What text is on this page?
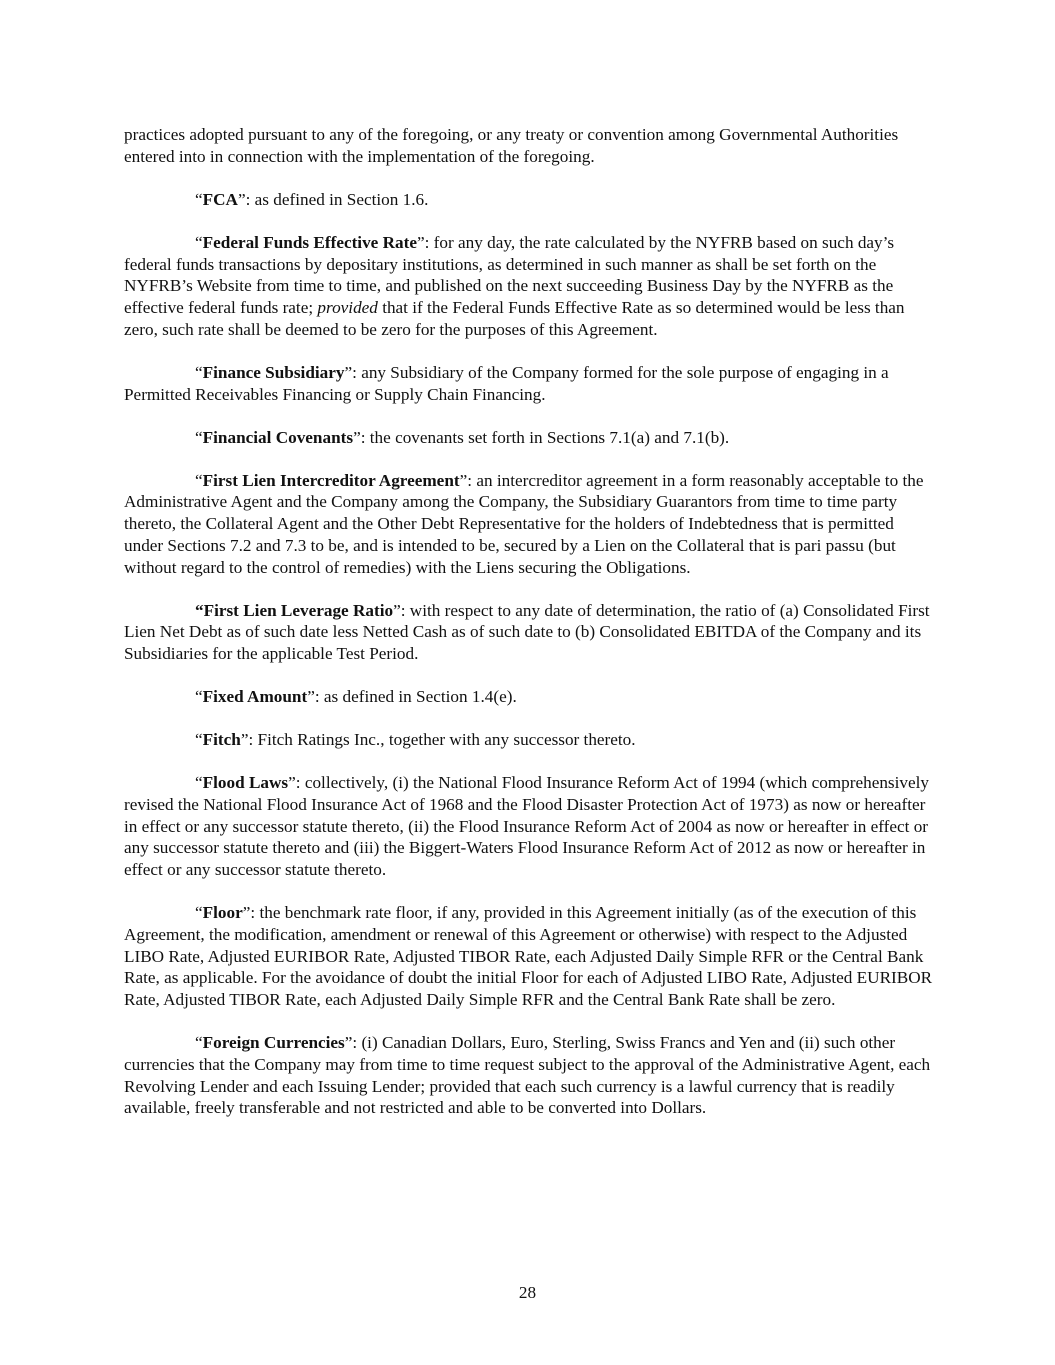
practices adopted pursuant to any of the foregoing, or any treaty or convention among Governmental Authorities entered into in connection with the implementation of the foregoing.

“FCA”: as defined in Section 1.6.

“Federal Funds Effective Rate”: for any day, the rate calculated by the NYFRB based on such day’s federal funds transactions by depositary institutions, as determined in such manner as shall be set forth on the NYFRB’s Website from time to time, and published on the next succeeding Business Day by the NYFRB as the effective federal funds rate; provided that if the Federal Funds Effective Rate as so determined would be less than zero, such rate shall be deemed to be zero for the purposes of this Agreement.

“Finance Subsidiary”: any Subsidiary of the Company formed for the sole purpose of engaging in a Permitted Receivables Financing or Supply Chain Financing.

“Financial Covenants”: the covenants set forth in Sections 7.1(a) and 7.1(b).

“First Lien Intercreditor Agreement”: an intercreditor agreement in a form reasonably acceptable to the Administrative Agent and the Company among the Company, the Subsidiary Guarantors from time to time party thereto, the Collateral Agent and the Other Debt Representative for the holders of Indebtedness that is permitted under Sections 7.2 and 7.3 to be, and is intended to be, secured by a Lien on the Collateral that is pari passu (but without regard to the control of remedies) with the Liens securing the Obligations.

“First Lien Leverage Ratio”: with respect to any date of determination, the ratio of (a) Consolidated First Lien Net Debt as of such date less Netted Cash as of such date to (b) Consolidated EBITDA of the Company and its Subsidiaries for the applicable Test Period.

“Fixed Amount”: as defined in Section 1.4(e).

“Fitch”: Fitch Ratings Inc., together with any successor thereto.

“Flood Laws”: collectively, (i) the National Flood Insurance Reform Act of 1994 (which comprehensively revised the National Flood Insurance Act of 1968 and the Flood Disaster Protection Act of 1973) as now or hereafter in effect or any successor statute thereto, (ii) the Flood Insurance Reform Act of 2004 as now or hereafter in effect or any successor statute thereto and (iii) the Biggert-Waters Flood Insurance Reform Act of 2012 as now or hereafter in effect or any successor statute thereto.

“Floor”: the benchmark rate floor, if any, provided in this Agreement initially (as of the execution of this Agreement, the modification, amendment or renewal of this Agreement or otherwise) with respect to the Adjusted LIBO Rate, Adjusted EURIBOR Rate, Adjusted TIBOR Rate, each Adjusted Daily Simple RFR or the Central Bank Rate, as applicable. For the avoidance of doubt the initial Floor for each of Adjusted LIBO Rate, Adjusted EURIBOR Rate, Adjusted TIBOR Rate, each Adjusted Daily Simple RFR and the Central Bank Rate shall be zero.

“Foreign Currencies”: (i) Canadian Dollars, Euro, Sterling, Swiss Francs and Yen and (ii) such other currencies that the Company may from time to time request subject to the approval of the Administrative Agent, each Revolving Lender and each Issuing Lender; provided that each such currency is a lawful currency that is readily available, freely transferable and not restricted and able to be converted into Dollars.

28
